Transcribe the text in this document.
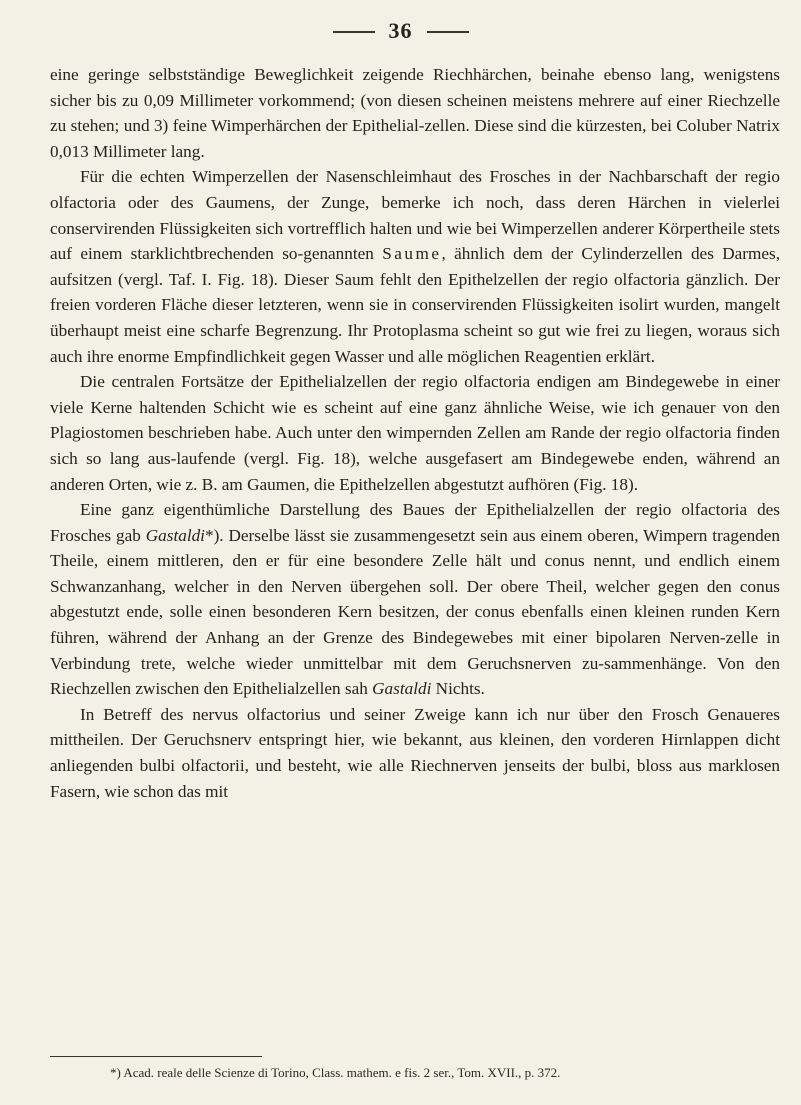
36

eine geringe selbstständige Beweglichkeit zeigende Riechhärchen, beinahe ebenso lang, wenigstens sicher bis zu 0,09 Millimeter vorkommend; (von diesen scheinen meistens mehrere auf einer Riechzelle zu stehen; und 3) feine Wimperhärchen der Epithelial-zellen. Diese sind die kürzesten, bei Coluber Natrix 0,013 Millimeter lang.

Für die echten Wimperzellen der Nasenschleimhaut des Frosches in der Nachbarschaft der regio olfactoria oder des Gaumens, der Zunge, bemerke ich noch, dass deren Härchen in vielerlei conservirenden Flüssigkeiten sich vortrefflich halten und wie bei Wimperzellen anderer Körpertheile stets auf einem starklichtbrechenden so-genannten Saume, ähnlich dem der Cylinderzellen des Darmes, aufsitzen (vergl. Taf. I. Fig. 18). Dieser Saum fehlt den Epithelzellen der regio olfactoria gänzlich. Der freien vorderen Fläche dieser letzteren, wenn sie in conservirenden Flüssigkeiten isolirt wurden, mangelt überhaupt meist eine scharfe Begrenzung. Ihr Protoplasma scheint so gut wie frei zu liegen, woraus sich auch ihre enorme Empfindlichkeit gegen Wasser und alle möglichen Reagentien erklärt.

Die centralen Fortsätze der Epithelialzellen der regio olfactoria endigen am Bindegewebe in einer viele Kerne haltenden Schicht wie es scheint auf eine ganz ähnliche Weise, wie ich genauer von den Plagiostomen beschrieben habe. Auch unter den wimpernden Zellen am Rande der regio olfactoria finden sich so lang aus-laufende (vergl. Fig. 18), welche ausgefasert am Bindegewebe enden, während an anderen Orten, wie z. B. am Gaumen, die Epithelzellen abgestutzt aufhören (Fig. 18).

Eine ganz eigenthümliche Darstellung des Baues der Epithelialzellen der regio olfactoria des Frosches gab Gastaldi*). Derselbe lässt sie zusammengesetzt sein aus einem oberen, Wimpern tragenden Theile, einem mittleren, den er für eine besondere Zelle hält und conus nennt, und endlich einem Schwanzanhang, welcher in den Nerven übergehen soll. Der obere Theil, welcher gegen den conus abgestutzt ende, solle einen besonderen Kern besitzen, der conus ebenfalls einen kleinen runden Kern führen, während der Anhang an der Grenze des Bindegewebes mit einer bipolaren Nerven-zelle in Verbindung trete, welche wieder unmittelbar mit dem Geruchsnerven zu-sammenhänge. Von den Riechzellen zwischen den Epithelialzellen sah Gastaldi Nichts.

In Betreff des nervus olfactorius und seiner Zweige kann ich nur über den Frosch Genaueres mittheilen. Der Geruchsnerv entspringt hier, wie bekannt, aus kleinen, den vorderen Hirnlappen dicht anliegenden bulbi olfactorii, und besteht, wie alle Riechnerven jenseits der bulbi, bloss aus marklosen Fasern, wie schon das mit

*) Acad. reale delle Scienze di Torino, Class. mathem. e fis. 2 ser., Tom. XVII., p. 372.
